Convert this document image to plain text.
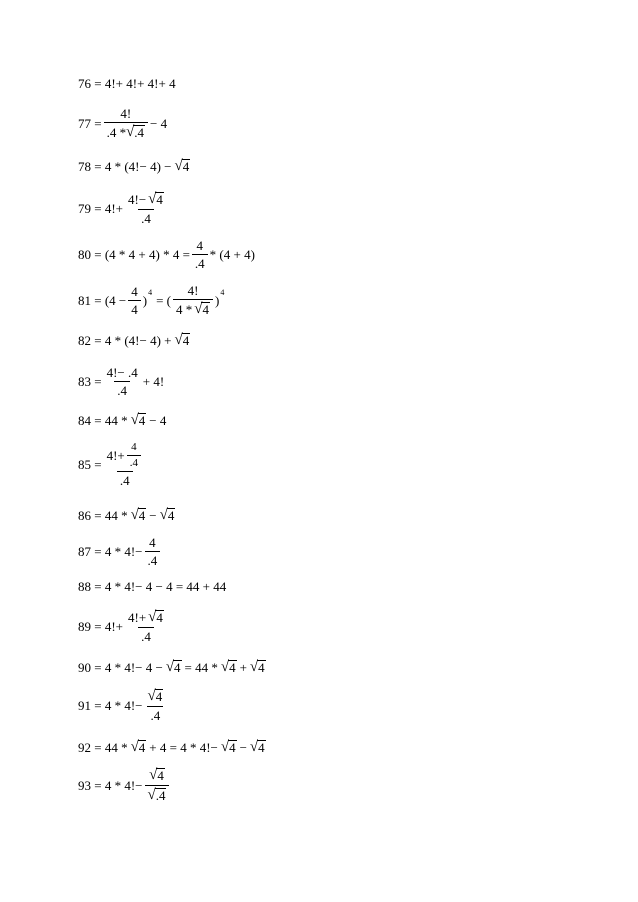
76 = 4!+ 4!+ 4!+ 4
$77 = \frac{4!}{.4 * √ .4} - 4$
78 = 4 * (4!− 4) − √ 4
$79 = 4!+ \frac{4!- √ 4}{.4}$
$80 = (4 * 4 + 4) * 4 = \frac{4}{.4} * (4 + 4)$
$81 = (4 - \frac{4}{4} )^4$ = ( $\frac{4!}{4 * √ 4} )^4$
82 = 4 * (4!− 4) + √ 4
$83 = \frac{4!- .4}{.4} + 4$!
84 = 44 * √ 4 − 4
$85 = \frac{4!+ \frac{4}{.4}}{.4}$
86 = 44 * √ 4 − √ 4
$87 = 4 * 4!- \frac{4}{.4}$
88 = 4 * 4!− 4 − 4 = 44 + 44
$89 = 4!+ \frac{4!+ √ 4}{.4}$
90 = 4 * 4!− 4 − √ 4 = 44 * √ 4 + √ 4
$91 = 4 * 4!- \frac{√ 4}{.4}$
92 = 44 * √ 4 + 4 = 4 * 4!− √ 4 − √ 4
$93 = 4 * 4!- \frac{√ 4}{√ .4}$
